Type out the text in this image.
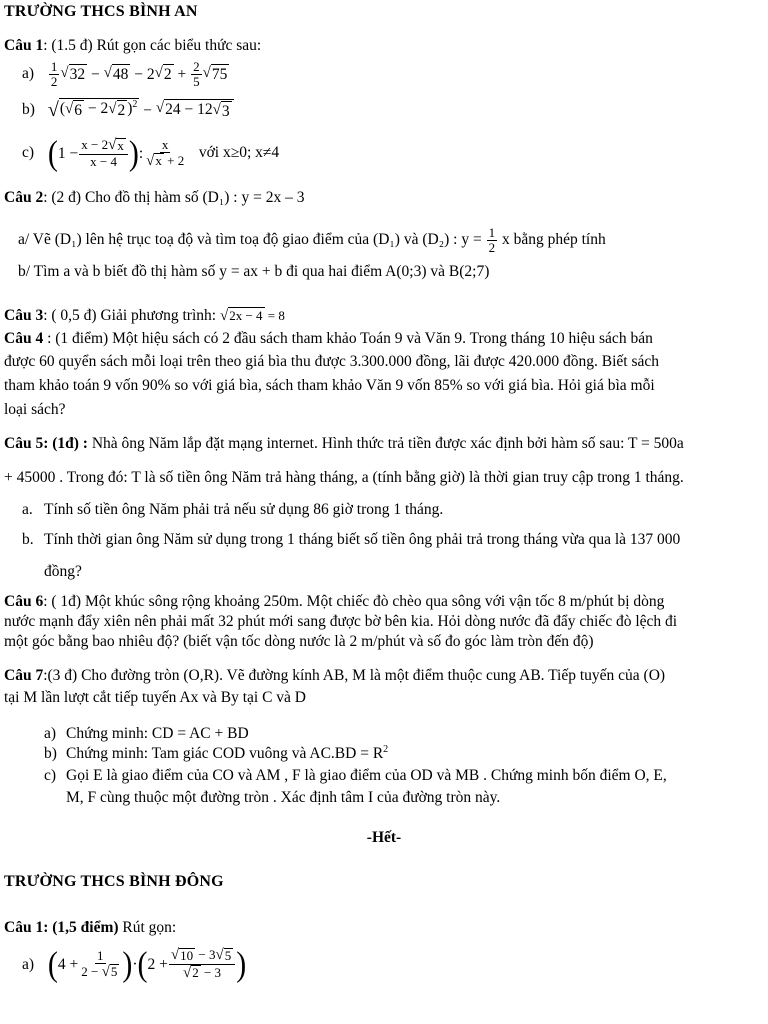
TRƯỜNG THCS BÌNH AN
Câu 1: (1.5 đ) Rút gọn các biểu thức sau:
$a) \frac{1}{2}$ √ 32 − √ 48 − 2 √ $2 + \frac{2}{5}$ √ 75
b) √ ( √ 6 − 2 √ 2 )$^2$ − √ 24 − 12 √ 3
c) ( $1 - \frac{x - 2 √ x}{x - 4}$ ) : $\frac{x}{√ x + 2}$ với x≥0; x≠4
Câu 2: (2 đ) Cho đồ thị hàm số (D₁) : y = 2x – 3
a/ Vẽ (D₁) lên hệ trục toạ độ và tìm toạ độ giao điểm của (D₁) và (D₂) : $y = \frac{1}{2}$ x bằng phép tính
b/ Tìm a và b biết đồ thị hàm số y = ax + b đi qua hai điểm A(0;3) và B(2;7)
Câu 3: ( 0,5 đ) Giải phương trình: √ 2x − 4
= 8
Câu 4 : (1 điểm) Một hiệu sách có 2 đầu sách tham khảo Toán 9 và Văn 9. Trong tháng 10 hiệu sách bán
được 60 quyển sách mỗi loại trên theo giá bìa thu được 3.300.000 đồng, lãi được 420.000 đồng. Biết sách
tham khảo toán 9 vốn 90% so với giá bìa, sách tham khảo Văn 9 vốn 85% so với giá bìa. Hỏi giá bìa mỗi
loại sách?
Câu 5: (1đ) : Nhà ông Năm lắp đặt mạng internet. Hình thức trả tiền được xác định bởi hàm số sau: T = 500a
+ 45000 . Trong đó: T là số tiền ông Năm trả hàng tháng, a (tính bằng giờ) là thời gian truy cập trong 1 tháng.
a. Tính số tiền ông Năm phải trả nếu sử dụng 86 giờ trong 1 tháng.
b. Tính thời gian ông Năm sử dụng trong 1 tháng biết số tiền ông phải trả trong tháng vừa qua là 137 000
đồng?
Câu 6: ( 1đ) Một khúc sông rộng khoảng 250m. Một chiếc đò chèo qua sông với vận tốc 8 m/phút bị dòng
nước mạnh đẩy xiên nên phải mất 32 phút mới sang được bờ bên kia. Hỏi dòng nước đã đẩy chiếc đò lệch đi
một góc bằng bao nhiêu độ? (biết vận tốc dòng nước là 2 m/phút và số đo góc làm tròn đến độ)
Câu 7:(3 đ) Cho đường tròn (O,R). Vẽ đường kính AB, M là một điểm thuộc cung AB. Tiếp tuyến của (O)
tại M lần lượt cắt tiếp tuyến Ax và By tại C và D
a) Chứng minh: CD = AC + BD
b) Chứng minh: Tam giác COD vuông và $AC.BD = R^2$
c) Gọi E là giao điểm của CO và AM , F là giao điểm của OD và MB . Chứng minh bốn điểm O, E,
M, F cùng thuộc một đường tròn . Xác định tâm I của đường tròn này.
-Hết-
TRƯỜNG THCS BÌNH ĐÔNG
Câu 1: (1,5 điểm) Rút gọn:
a) ( $4 + \frac{1}{2 - √ 5}$ ) · ( $2 + \frac{√ 10 - 3 √ 5}{√ 2 - 3}$ )
